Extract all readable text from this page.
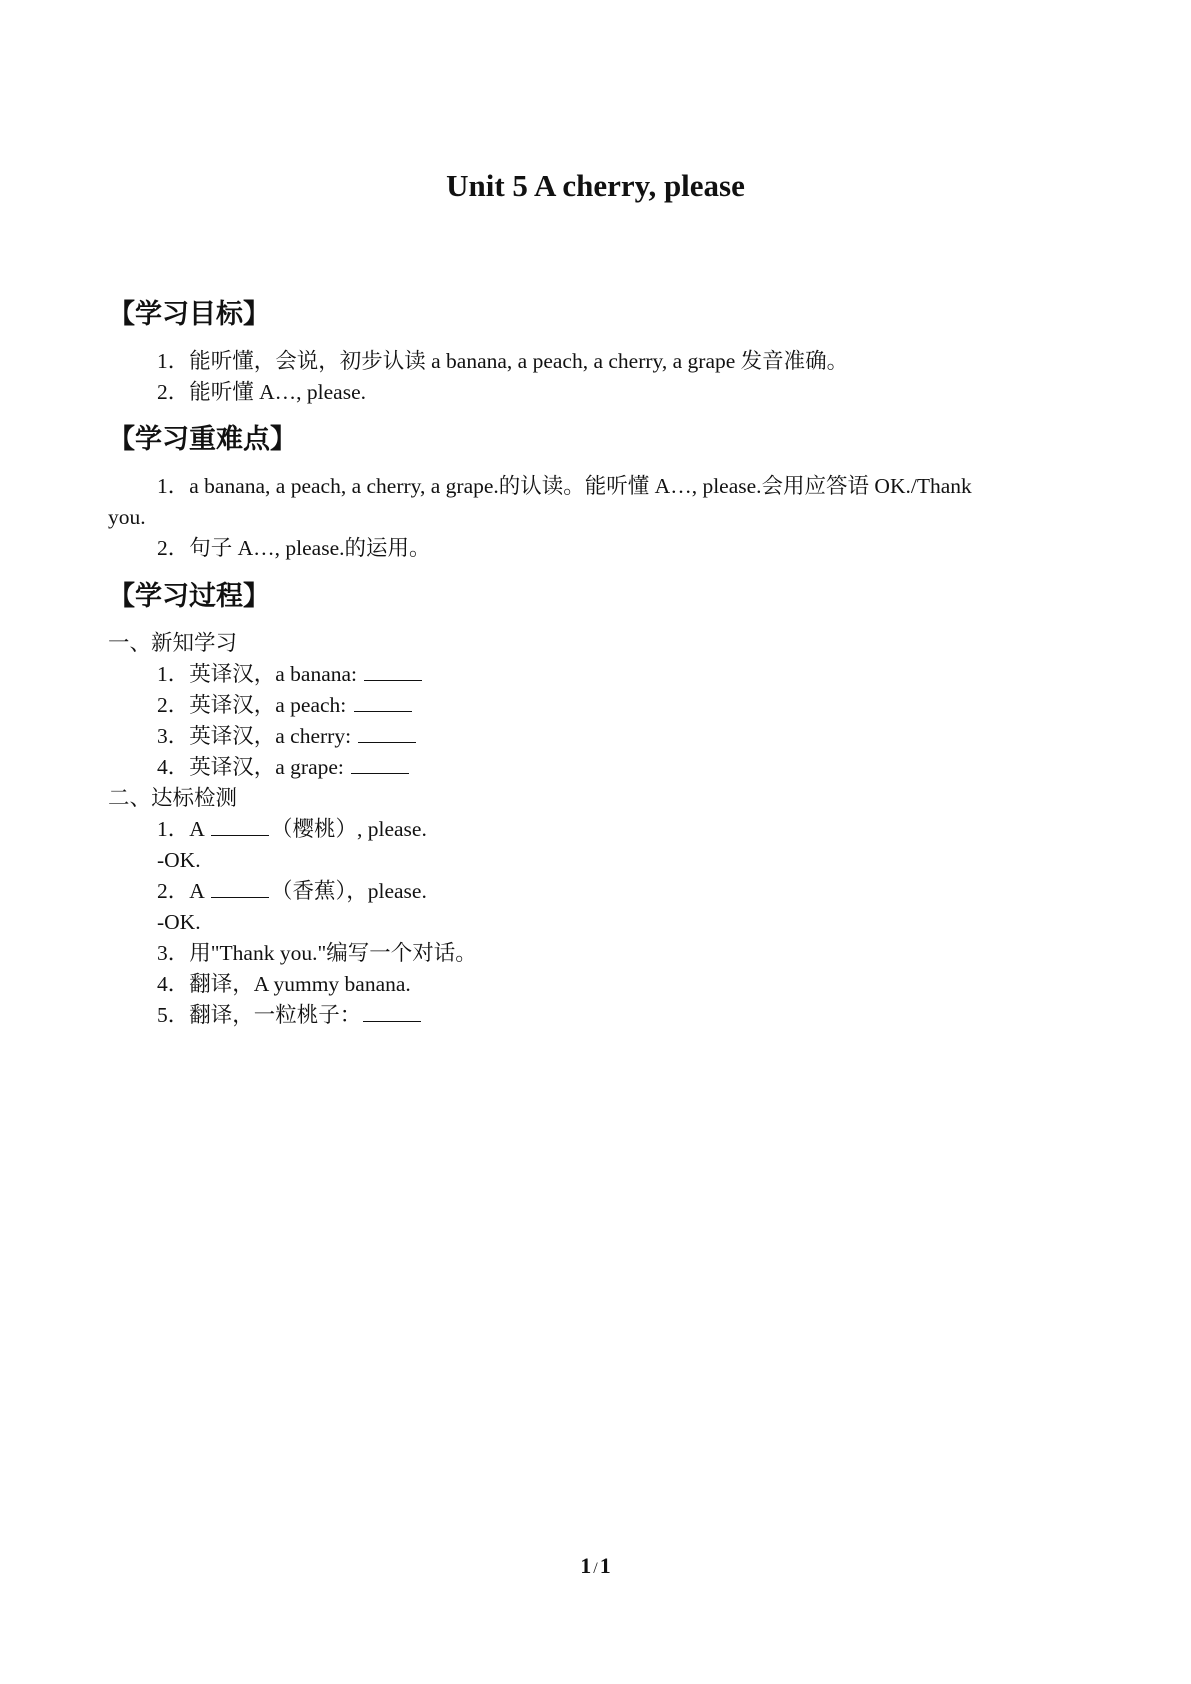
Unit 5 A cherry, please
【学习目标】
1．能听懂，会说，初步认读 a banana, a peach, a cherry, a grape 发音准确。
2．能听懂 A…, please.
【学习重难点】
1．a banana, a peach, a cherry, a grape.的认读。能听懂 A…, please.会用应答语 OK./Thank
you.
2．句子 A…, please.的运用。
【学习过程】
一、新知学习
1．英译汉，a banana:
2．英译汉，a peach:
3．英译汉，a cherry:
4．英译汉，a grape:
二、达标检测
1．A	（樱桃）, please.
-OK.
2．A	（香蕉），please.
-OK.
3．用"Thank you."编写一个对话。
4．翻译，A yummy banana.
5．翻译，一粒桃子：
1 /1
